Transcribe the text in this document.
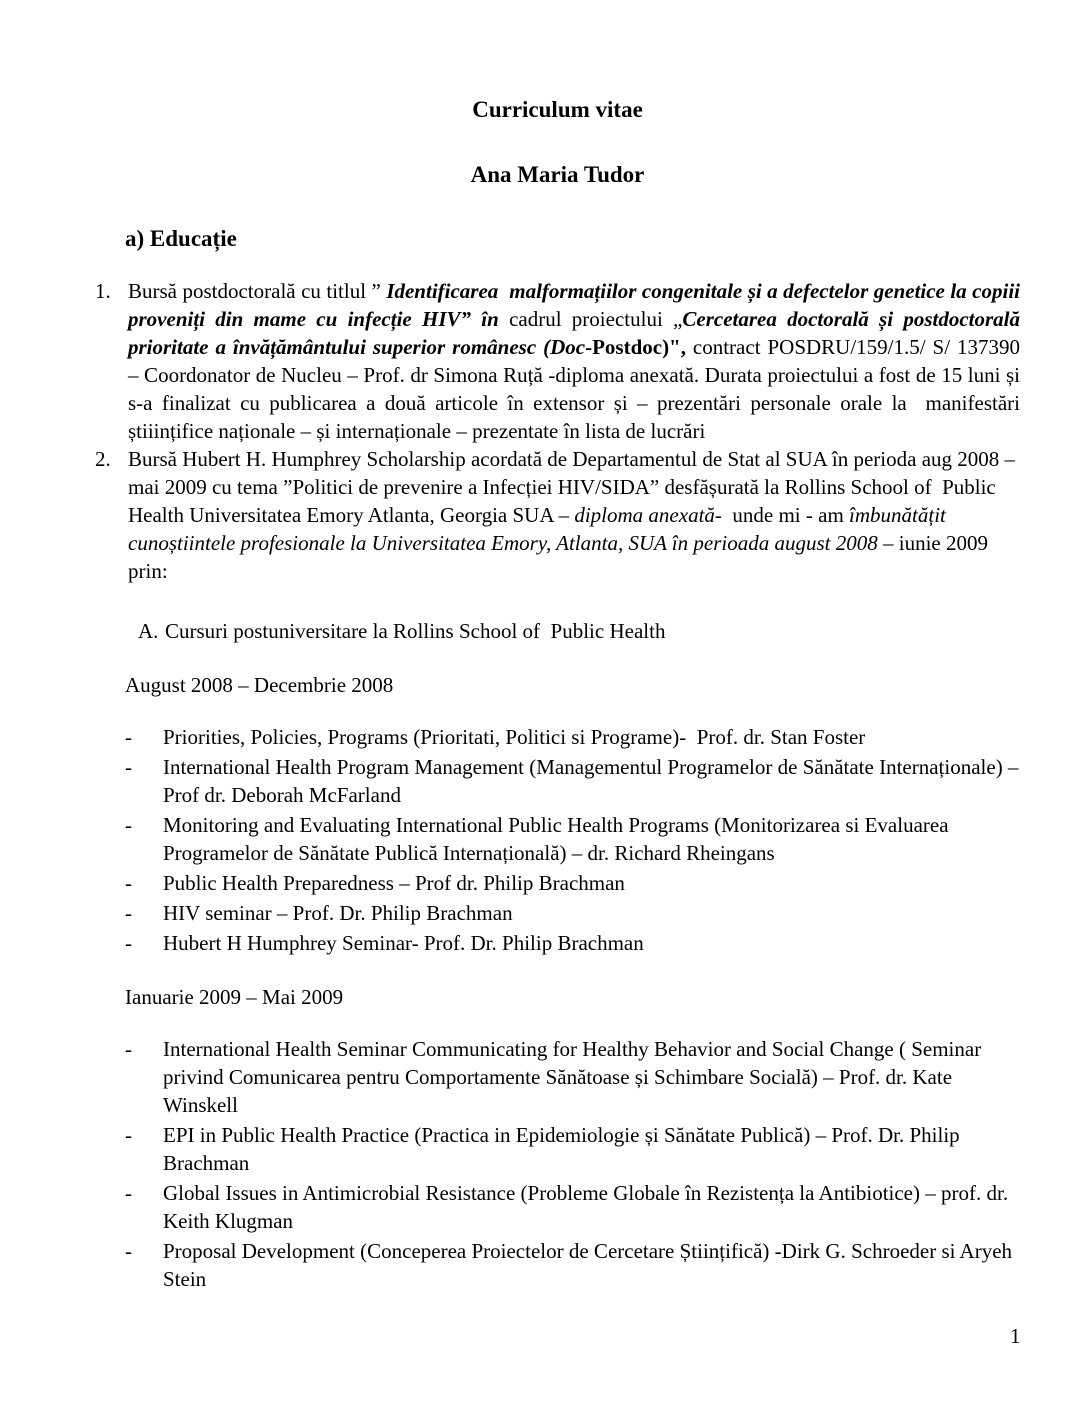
Curriculum vitae
Ana Maria Tudor
a) Educație
1. Bursă postdoctorală cu titlul ” Identificarea  malformațiilor congenitale și a defectelor genetice la copiii proveniți din mame cu infecție HIV” în cadrul proiectului „Cercetarea doctorală și postdoctorală prioritate a învățământului superior românesc (Doc-Postdoc)", contract POSDRU/159/1.5/ S/ 137390 – Coordonator de Nucleu – Prof. dr Simona Ruță -diploma anexată. Durata proiectului a fost de 15 luni și s-a finalizat cu publicarea a două articole în extensor și – prezentări personale orale la  manifestări știiințifice naționale – și internaționale – prezentate în lista de lucrări
2. Bursă Hubert H. Humphrey Scholarship acordată de Departamentul de Stat al SUA în perioda aug 2008 – mai 2009 cu tema ”Politici de prevenire a Infecției HIV/SIDA” desfășurată la Rollins School of  Public Health Universitatea Emory Atlanta, Georgia SUA – diploma anexată-  unde mi - am îmbunătățit cunoștiintele profesionale la Universitatea Emory, Atlanta, SUA în perioada august 2008 – iunie 2009 prin:
A. Cursuri postuniversitare la Rollins School of  Public Health
August 2008 – Decembrie 2008
-	Priorities, Policies, Programs (Prioritati, Politici si Programe)-  Prof. dr. Stan Foster
-	International Health Program Management (Managementul Programelor de Sănătate Internaționale) – Prof dr. Deborah McFarland
-	Monitoring and Evaluating International Public Health Programs (Monitorizarea si Evaluarea Programelor de Sănătate Publică Internațională) – dr. Richard Rheingans
-	Public Health Preparedness – Prof dr. Philip Brachman
-	HIV seminar – Prof. Dr. Philip Brachman
-	Hubert H Humphrey Seminar- Prof. Dr. Philip Brachman
Ianuarie 2009 – Mai 2009
-	International Health Seminar Communicating for Healthy Behavior and Social Change ( Seminar privind Comunicarea pentru Comportamente Sănătoase și Schimbare Socială) – Prof. dr. Kate Winskell
-	EPI in Public Health Practice (Practica in Epidemiologie și Sănătate Publică) – Prof. Dr. Philip Brachman
-	Global Issues in Antimicrobial Resistance (Probleme Globale în Rezistența la Antibiotice) – prof. dr. Keith Klugman
-	Proposal Development (Conceperea Proiectelor de Cercetare Științifică) -Dirk G. Schroeder si Aryeh Stein
1
